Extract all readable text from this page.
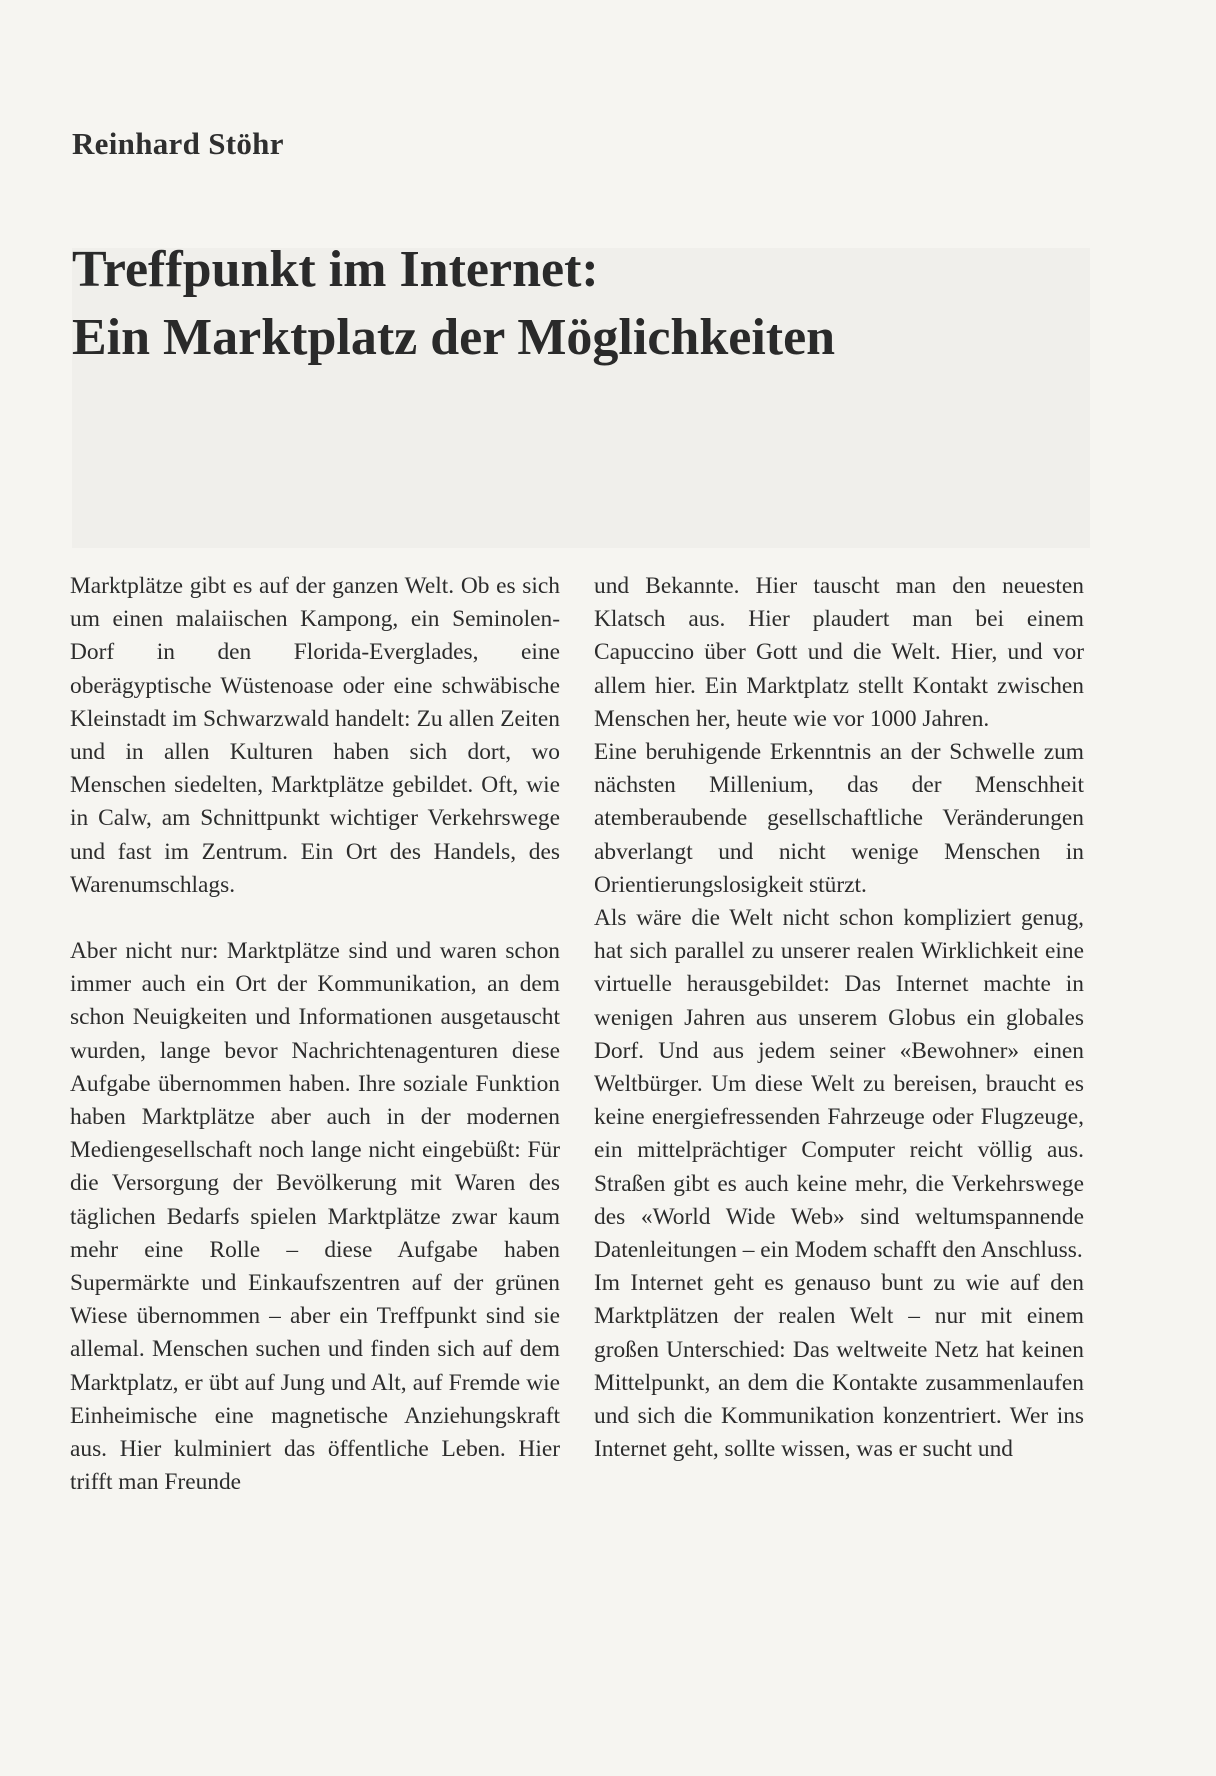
Reinhard Stöhr
Treffpunkt im Internet:
Ein Marktplatz der Möglichkeiten

Marktplätze gibt es auf der ganzen Welt. Ob es sich um einen malaiischen Kampong, ein Seminolen-Dorf in den Florida-Everglades, eine oberägyptische Wüstenoase oder eine schwäbische Kleinstadt im Schwarzwald handelt: Zu allen Zeiten und in allen Kulturen haben sich dort, wo Menschen siedelten, Marktplätze gebildet. Oft, wie in Calw, am Schnittpunkt wichtiger Verkehrswege und fast im Zentrum. Ein Ort des Handels, des Warenumschlags.

Aber nicht nur: Marktplätze sind und waren schon immer auch ein Ort der Kommunikation, an dem schon Neuigkeiten und Informationen ausgetauscht wurden, lange bevor Nachrichtenagenturen diese Aufgabe übernommen haben. Ihre soziale Funktion haben Marktplätze aber auch in der modernen Mediengesellschaft noch lange nicht eingebüßt: Für die Versorgung der Bevölkerung mit Waren des täglichen Bedarfs spielen Marktplätze zwar kaum mehr eine Rolle – diese Aufgabe haben Supermärkte und Einkaufszentren auf der grünen Wiese übernommen – aber ein Treffpunkt sind sie allemal. Menschen suchen und finden sich auf dem Marktplatz, er übt auf Jung und Alt, auf Fremde wie Einheimische eine magnetische Anziehungskraft aus. Hier kulminiert das öffentliche Leben. Hier trifft man Freunde

und Bekannte. Hier tauscht man den neuesten Klatsch aus. Hier plaudert man bei einem Capuccino über Gott und die Welt. Hier, und vor allem hier. Ein Marktplatz stellt Kontakt zwischen Menschen her, heute wie vor 1000 Jahren.

Eine beruhigende Erkenntnis an der Schwelle zum nächsten Millenium, das der Menschheit atemberaubende gesellschaftliche Veränderungen abverlangt und nicht wenige Menschen in Orientierungslosigkeit stürzt.

Als wäre die Welt nicht schon kompliziert genug, hat sich parallel zu unserer realen Wirklichkeit eine virtuelle herausgebildet: Das Internet machte in wenigen Jahren aus unserem Globus ein globales Dorf. Und aus jedem seiner «Bewohner» einen Weltbürger. Um diese Welt zu bereisen, braucht es keine energiefressenden Fahrzeuge oder Flugzeuge, ein mittelprächtiger Computer reicht völlig aus. Straßen gibt es auch keine mehr, die Verkehrswege des «World Wide Web» sind weltumspannende Datenleitungen – ein Modem schafft den Anschluss.

Im Internet geht es genauso bunt zu wie auf den Marktplätzen der realen Welt – nur mit einem großen Unterschied: Das weltweite Netz hat keinen Mittelpunkt, an dem die Kontakte zusammenlaufen und sich die Kommunikation konzentriert. Wer ins Internet geht, sollte wissen, was er sucht und
